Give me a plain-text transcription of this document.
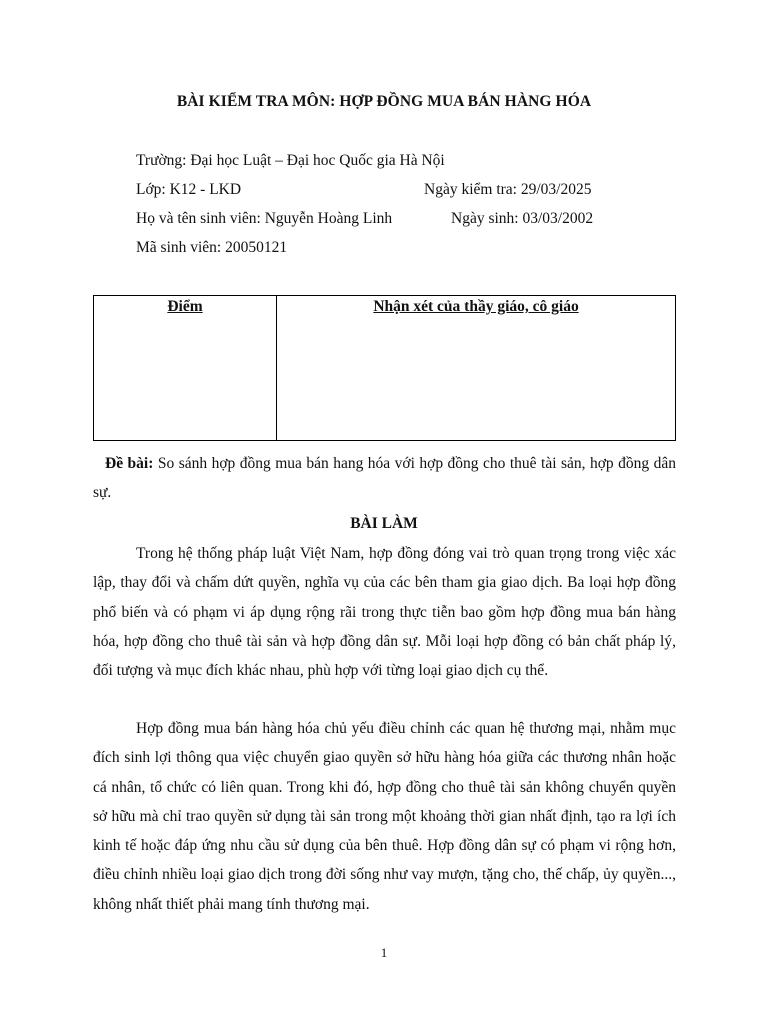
BÀI KIỂM TRA MÔN: HỢP ĐỒNG MUA BÁN HÀNG HÓA
Trường: Đại học Luật – Đại hoc Quốc gia Hà Nội
Lớp: K12 - LKD	Ngày kiểm tra: 29/03/2025
Họ và tên sinh viên: Nguyễn Hoàng Linh	Ngày sinh: 03/03/2002
Mã sinh viên: 20050121
Điểm	Nhận xét của thầy giáo, cô giáo
Đề bài: So sánh hợp đồng mua bán hang hóa với hợp đồng cho thuê tài sản, hợp đồng dân sự.
BÀI LÀM

Trong hệ thống pháp luật Việt Nam, hợp đồng đóng vai trò quan trọng trong việc xác lập, thay đổi và chấm dứt quyền, nghĩa vụ của các bên tham gia giao dịch. Ba loại hợp đồng phổ biến và có phạm vi áp dụng rộng rãi trong thực tiễn bao gồm hợp đồng mua bán hàng hóa, hợp đồng cho thuê tài sản và hợp đồng dân sự. Mỗi loại hợp đồng có bản chất pháp lý, đối tượng và mục đích khác nhau, phù hợp với từng loại giao dịch cụ thể.

Hợp đồng mua bán hàng hóa chủ yếu điều chỉnh các quan hệ thương mại, nhằm mục đích sinh lợi thông qua việc chuyển giao quyền sở hữu hàng hóa giữa các thương nhân hoặc cá nhân, tổ chức có liên quan. Trong khi đó, hợp đồng cho thuê tài sản không chuyển quyền sở hữu mà chỉ trao quyền sử dụng tài sản trong một khoảng thời gian nhất định, tạo ra lợi ích kinh tế hoặc đáp ứng nhu cầu sử dụng của bên thuê. Hợp đồng dân sự có phạm vi rộng hơn, điều chỉnh nhiều loại giao dịch trong đời sống như vay mượn, tặng cho, thế chấp, ủy quyền..., không nhất thiết phải mang tính thương mại.

1
